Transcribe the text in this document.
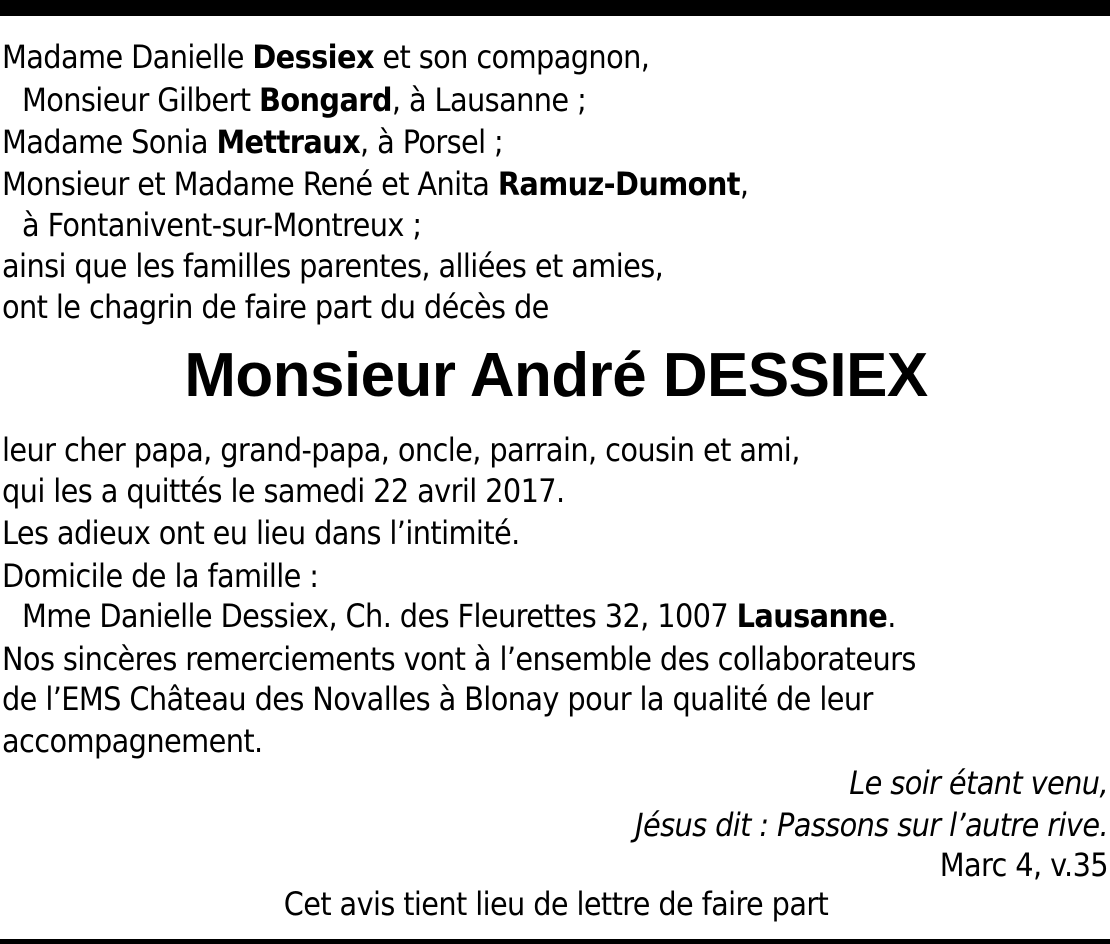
Madame Danielle Dessiex et son compagnon,
Monsieur Gilbert Bongard, à Lausanne ;
Madame Sonia Mettraux, à Porsel ;
Monsieur et Madame René et Anita Ramuz-Dumont,
à Fontanivent-sur-Montreux ;
ainsi que les familles parentes, alliées et amies,
ont le chagrin de faire part du décès de
Monsieur André DESSIEX
leur cher papa, grand-papa, oncle, parrain, cousin et ami,
qui les a quittés le samedi 22 avril 2017.
Les adieux ont eu lieu dans l’intimité.
Domicile de la famille :
Mme Danielle Dessiex, Ch. des Fleurettes 32, 1007 Lausanne.
Nos sincères remerciements vont à l’ensemble des collaborateurs
de l’EMS Château des Novalles à Blonay pour la qualité de leur
accompagnement.
Le soir étant venu,
Jésus dit : Passons sur l’autre rive.
Marc 4, v.35
Cet avis tient lieu de lettre de faire part
